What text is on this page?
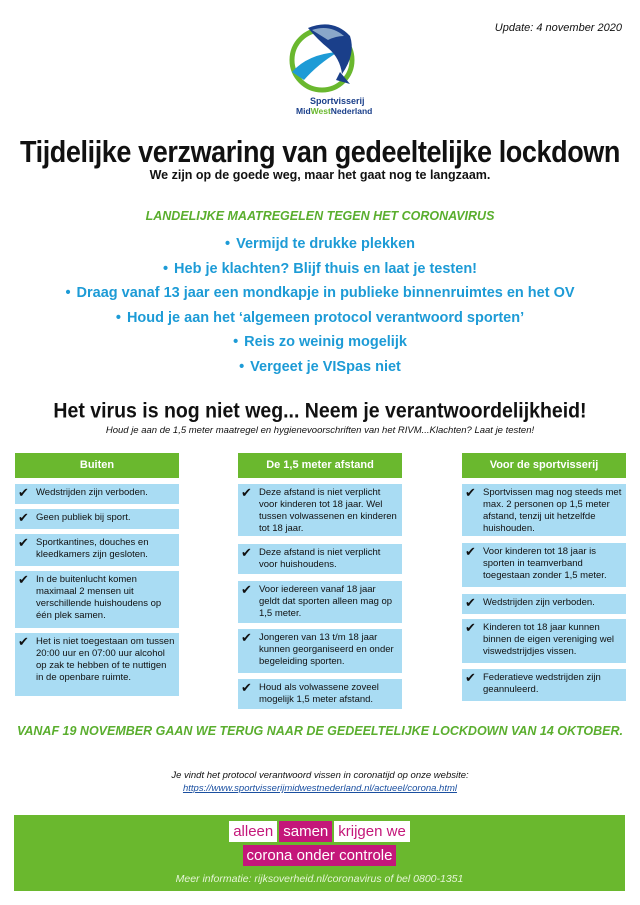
Update: 4 november 2020
Sportvisserij
MidWestNederland
Tijdelijke verzwaring van gedeeltelijke lockdown
We zijn op de goede weg, maar het gaat nog te langzaam.
LANDELIJKE MAATREGELEN TEGEN HET CORONAVIRUS
• Vermijd te drukke plekken
• Heb je klachten? Blijf thuis en laat je testen!
• Draag vanaf 13 jaar een mondkapje in publieke binnenruimtes en het OV
• Houd je aan het ‘algemeen protocol verantwoord sporten’
• Reis zo weinig mogelijk
• Vergeet je VISpas niet
Het virus is nog niet weg... Neem je verantwoordelijkheid!
Houd je aan de 1,5 meter maatregel en hygienevoorschriften van het RIVM...Klachten? Laat je testen!
Buiten
✔ Wedstrijden zijn verboden.
✔ Geen publiek bij sport.
✔ Sportkantines, douches en kleedkamers zijn gesloten.
✔ In de buitenlucht komen maximaal 2 mensen uit verschillende huishoudens op één plek samen.
✔ Het is niet toegestaan om tussen 20:00 uur en 07:00 uur alcohol op zak te hebben of te nuttigen in de openbare ruimte.
De 1,5 meter afstand
✔ Deze afstand is niet verplicht voor kinderen tot 18 jaar. Wel tussen volwassenen en kinderen tot 18 jaar.
✔ Deze afstand is niet verplicht voor huishoudens.
✔ Voor iedereen vanaf 18 jaar geldt dat sporten alleen mag op 1,5 meter.
✔ Jongeren van 13 t/m 18 jaar kunnen georganiseerd en onder begeleiding sporten.
✔ Houd als volwassene zoveel mogelijk 1,5 meter afstand.
Voor de sportvisserij
✔ Sportvissen mag nog steeds met max. 2 personen op 1,5 meter afstand, tenzij uit hetzelfde huishouden.
✔ Voor kinderen tot 18 jaar is sporten in teamverband toegestaan zonder 1,5 meter.
✔ Wedstrijden zijn verboden.
✔ Kinderen tot 18 jaar kunnen binnen de eigen vereniging wel viswedstrijdjes vissen.
✔ Federatieve wedstrijden zijn geannuleerd.
VANAF 19 NOVEMBER GAAN WE TERUG NAAR DE GEDEELTELIJKE LOCKDOWN VAN 14 OKTOBER.
Je vindt het protocol verantwoord vissen in coronatijd op onze website:
https://www.sportvisserijmidwestnederland.nl/actueel/corona.html
alleen samen krijgen we
corona onder controle
Meer informatie: rijksoverheid.nl/coronavirus of bel 0800-1351
